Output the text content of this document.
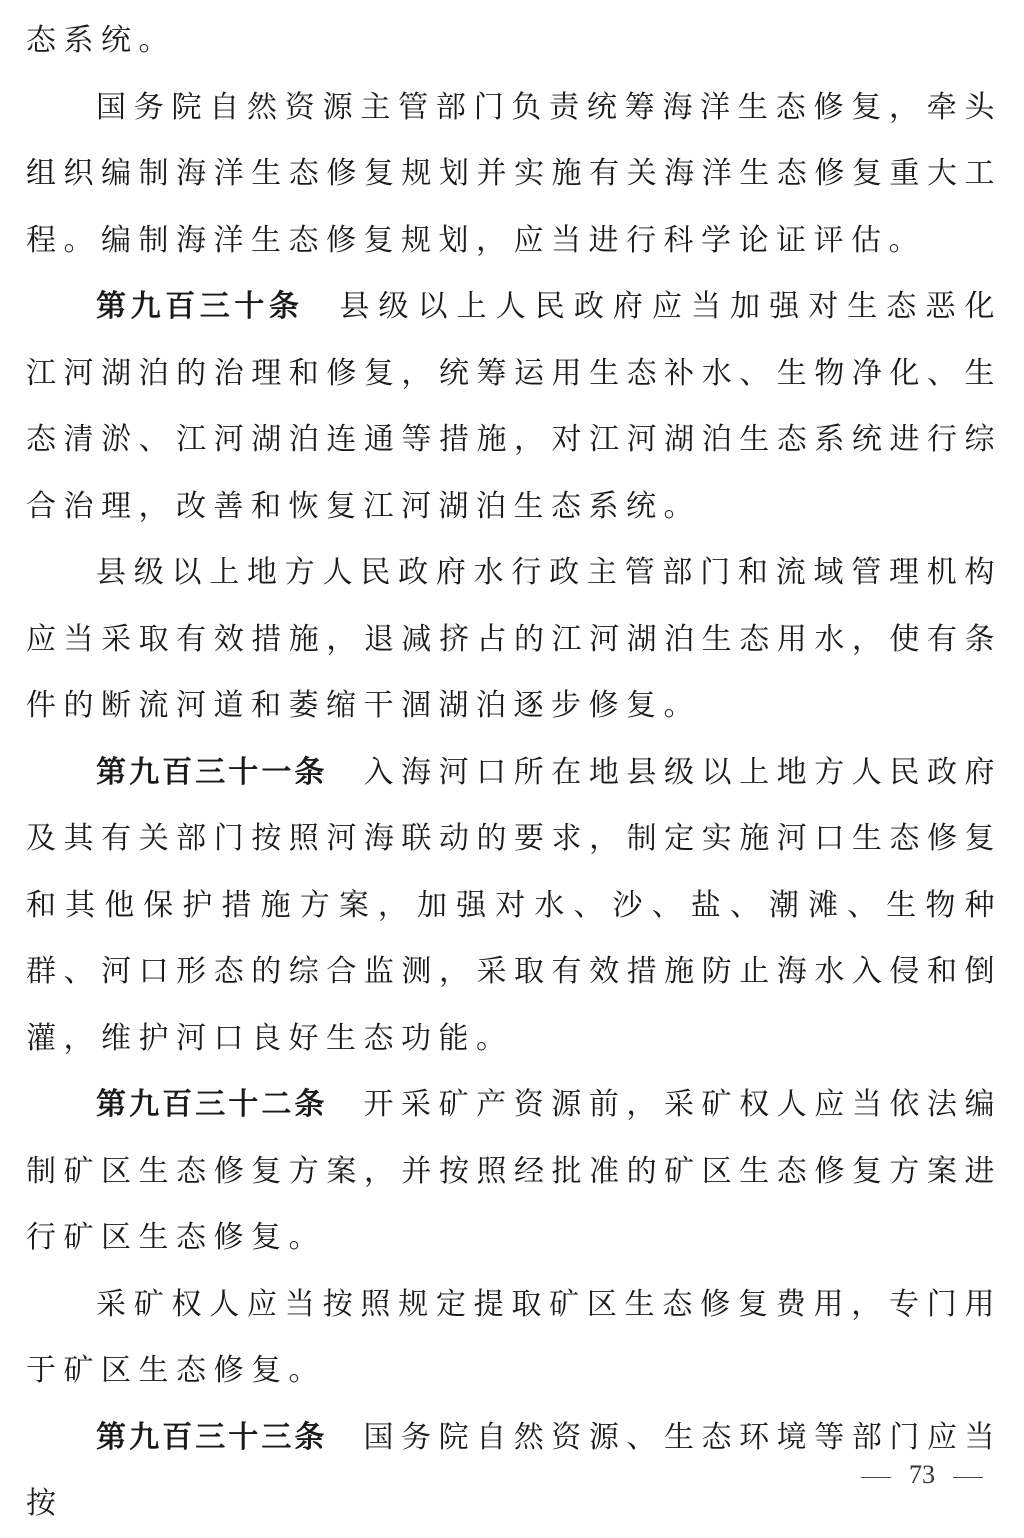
态系统。

国务院自然资源主管部门负责统筹海洋生态修复，牵头组织编制海洋生态修复规划并实施有关海洋生态修复重大工程。编制海洋生态修复规划，应当进行科学论证评估。

第九百三十条 县级以上人民政府应当加强对生态恶化江河湖泊的治理和修复，统筹运用生态补水、生物净化、生态清淤、江河湖泊连通等措施，对江河湖泊生态系统进行综合治理，改善和恢复江河湖泊生态系统。

县级以上地方人民政府水行政主管部门和流域管理机构应当采取有效措施，退减挤占的江河湖泊生态用水，使有条件的断流河道和萎缩干涸湖泊逐步修复。

第九百三十一条 入海河口所在地县级以上地方人民政府及其有关部门按照河海联动的要求，制定实施河口生态修复和其他保护措施方案，加强对水、沙、盐、潮滩、生物种群、河口形态的综合监测，采取有效措施防止海水入侵和倒灌，维护河口良好生态功能。

第九百三十二条 开采矿产资源前，采矿权人应当依法编制矿区生态修复方案，并按照经批准的矿区生态修复方案进行矿区生态修复。

采矿权人应当按照规定提取矿区生态修复费用，专门用于矿区生态修复。

第九百三十三条 国务院自然资源、生态环境等部门应当按

73
